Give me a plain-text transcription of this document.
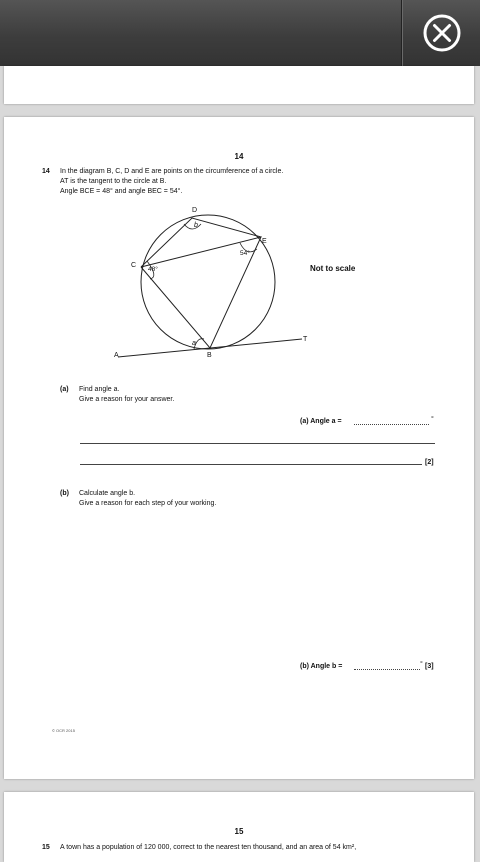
14
14 In the diagram B, C, D and E are points on the circumference of a circle.
AT is the tangent to the circle at B.
Angle BCE = 48° and angle BEC = 54°.
D
E
C
B
A
T
48°
54°
b
a
Not to scale
(a) Find angle a.
Give a reason for your answer.
(a) Angle a =	°
[2]
(b) Calculate angle b.
Give a reason for each step of your working.
(b) Angle b =	° [3]
© OCR 2015
15
15 A town has a population of 120 000, correct to the nearest ten thousand, and an area of 54 km²,
